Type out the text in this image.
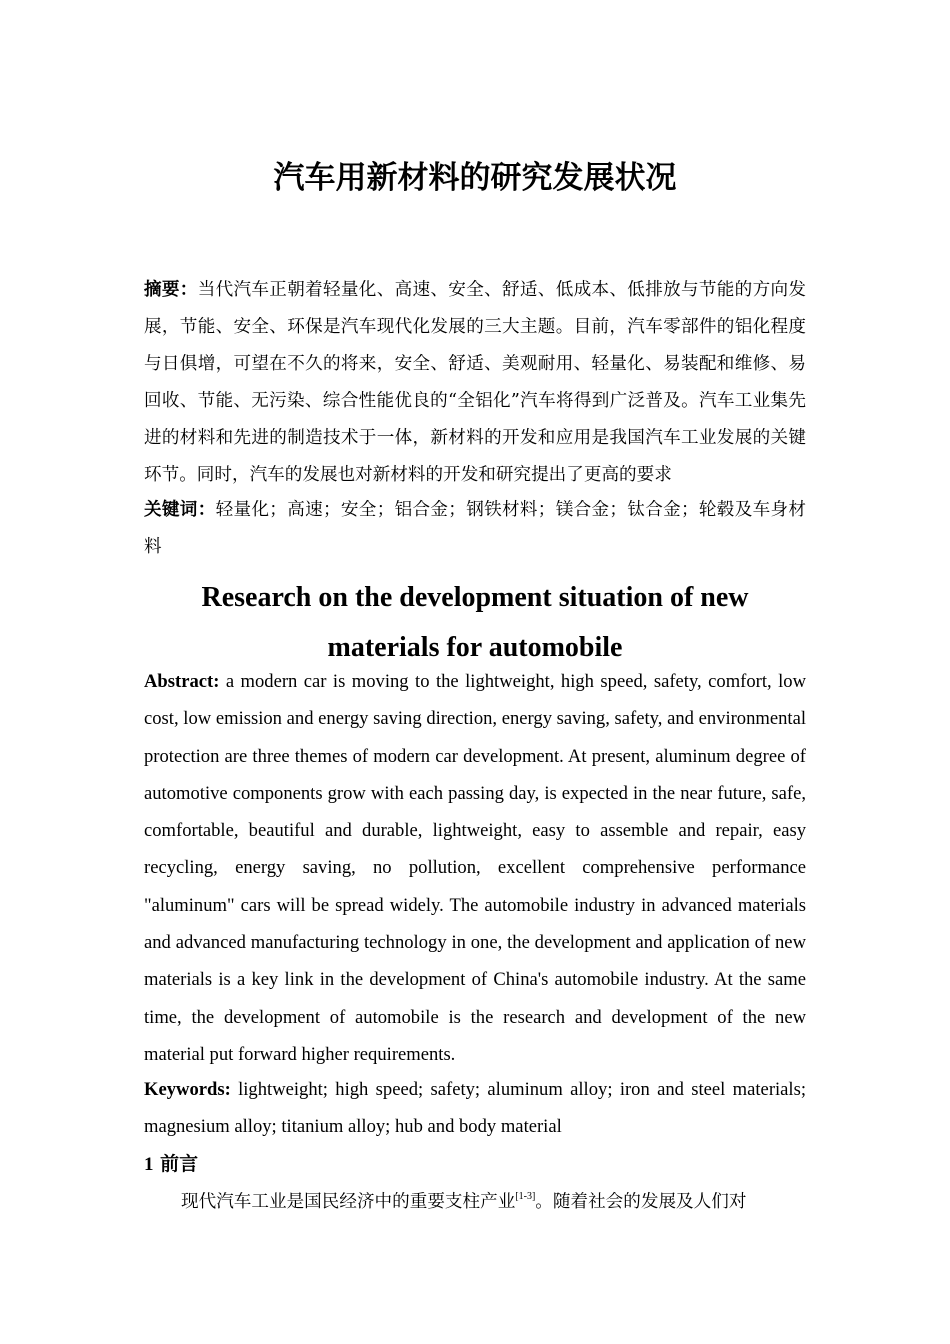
汽车用新材料的研究发展状况

摘要：当代汽车正朝着轻量化、高速、安全、舒适、低成本、低排放与节能的方向发展，节能、安全、环保是汽车现代化发展的三大主题。目前，汽车零部件的铝化程度与日俱增，可望在不久的将来，安全、舒适、美观耐用、轻量化、易装配和维修、易回收、节能、无污染、综合性能优良的“全铝化”汽车将得到广泛普及。汽车工业集先进的材料和先进的制造技术于一体，新材料的开发和应用是我国汽车工业发展的关键环节。同时，汽车的发展也对新材料的开发和研究提出了更高的要求

关键词：轻量化；高速；安全；铝合金；钢铁材料；镁合金；钛合金；轮毂及车身材料

Research on the development situation of new
materials for automobile

Abstract: a modern car is moving to the lightweight, high speed, safety, comfort, low cost, low emission and energy saving direction, energy saving, safety, and environmental protection are three themes of modern car development. At present, aluminum degree of automotive components grow with each passing day, is expected in the near future, safe, comfortable, beautiful and durable, lightweight, easy to assemble and repair, easy recycling, energy saving, no pollution, excellent comprehensive performance "aluminum" cars will be spread widely. The automobile industry in advanced materials and advanced manufacturing technology in one, the development and application of new materials is a key link in the development of China's automobile industry. At the same time, the development of automobile is the research and development of the new material put forward higher requirements.

Keywords: lightweight; high speed; safety; aluminum alloy; iron and steel materials; magnesium alloy; titanium alloy; hub and body material

1 前言

现代汽车工业是国民经济中的重要支柱产业[1-3]。随着社会的发展及人们对
